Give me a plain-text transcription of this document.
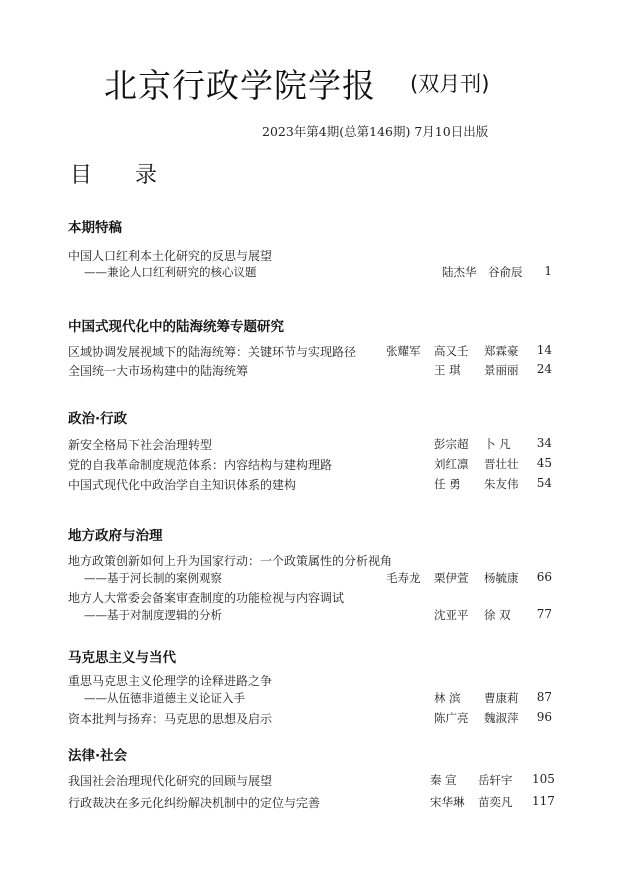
北京行政学院学报 (双月刊)
2023年第4期(总第146期) 7月10日出版
目 录
本期特稿
中国人口红利本土化研究的反思与展望
——兼论人口红利研究的核心议题	陆杰华 谷俞辰	1
中国式现代化中的陆海统筹专题研究
区域协调发展视域下的陆海统筹：关键环节与实现路径	张耀军 高又壬 郑霖豪	14
全国统一大市场构建中的陆海统筹	王 琪 景丽丽	24
政治·行政
新安全格局下社会治理转型	彭宗超 卜 凡	34
党的自我革命制度规范体系：内容结构与建构理路	刘红凛 晋壮壮	45
中国式现代化中政治学自主知识体系的建构	任 勇 朱友伟	54
地方政府与治理
地方政策创新如何上升为国家行动：一个政策属性的分析视角
——基于河长制的案例观察	毛寿龙 栗伊萱 杨毓康	66
地方人大常委会备案审查制度的功能检视与内容调试
——基于对制度逻辑的分析	沈亚平 徐 双	77
马克思主义与当代
重思马克思主义伦理学的诠释进路之争
——从伍德非道德主义论证入手	林 滨 曹康莉	87
资本批判与扬弃：马克思的思想及启示	陈广亮 魏淑萍	96
法律·社会
我国社会治理现代化研究的回顾与展望	秦 宣 岳轩宇 105
行政裁决在多元化纠纷解决机制中的定位与完善	宋华琳 苗奕凡 117
